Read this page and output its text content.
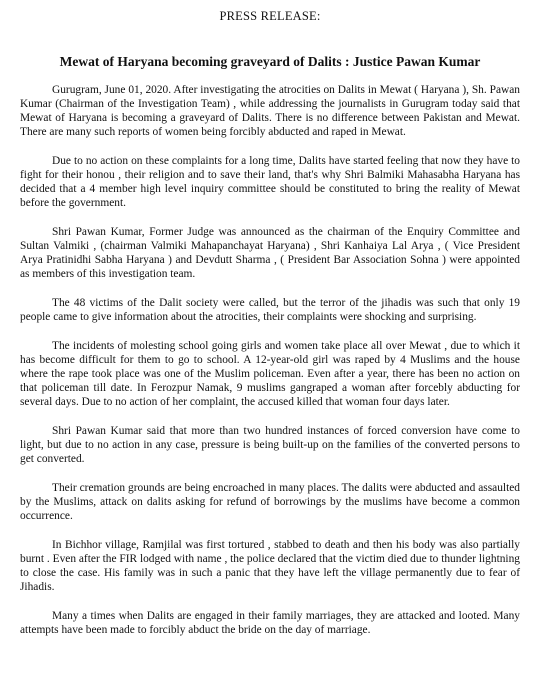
PRESS RELEASE:
Mewat of Haryana becoming graveyard of Dalits : Justice Pawan Kumar

Gurugram, June 01, 2020. After investigating the atrocities on Dalits in Mewat ( Haryana ), Sh. Pawan Kumar (Chairman of the Investigation Team) , while addressing the journalists in Gurugram today said that Mewat of Haryana is becoming a graveyard of Dalits. There is no difference between Pakistan and Mewat. There are many such reports of women being forcibly abducted and raped in Mewat.

Due to no action on these complaints for a long time, Dalits have started feeling that now they have to fight for their honou , their religion and to save their land, that's why Shri Balmiki Mahasabha Haryana has decided that a 4 member high level inquiry committee should be constituted to bring the reality of Mewat before the government.

Shri Pawan Kumar, Former Judge was announced as the chairman of the Enquiry Committee and Sultan Valmiki , (chairman Valmiki Mahapanchayat Haryana) , Shri Kanhaiya Lal Arya , ( Vice President Arya Pratinidhi Sabha Haryana ) and Devdutt Sharma , ( President Bar Association Sohna ) were appointed as members of this investigation team.

The 48 victims of the Dalit society were called, but the terror of the jihadis was such that only 19 people came to give information about the atrocities, their complaints were shocking and surprising.

The incidents of molesting school going girls and women take place all over Mewat , due to which it has become difficult for them to go to school. A 12-year-old girl was raped by 4 Muslims and the house where the rape took place was one of the Muslim policeman. Even after a year, there has been no action on that policeman till date. In Ferozpur Namak, 9 muslims gangraped a woman after forcebly abducting for several days. Due to no action of her complaint, the accused killed that woman four days later.

Shri Pawan Kumar said that more than two hundred instances of forced conversion have come to light, but due to no action in any case, pressure is being built-up on the families of the converted persons to get converted.

Their cremation grounds are being encroached in many places. The dalits were abducted and assaulted by the Muslims, attack on dalits asking for refund of borrowings by the muslims have become a common occurrence.

In Bichhor village, Ramjilal was first tortured , stabbed to death and then his body was also partially burnt . Even after the FIR lodged with name , the police declared that the victim died due to thunder lightning to close the case. His family was in such a panic that they have left the village permanently due to fear of Jihadis.

Many a times when Dalits are engaged in their family marriages, they are attacked and looted. Many attempts have been made to forcibly abduct the bride on the day of marriage.
